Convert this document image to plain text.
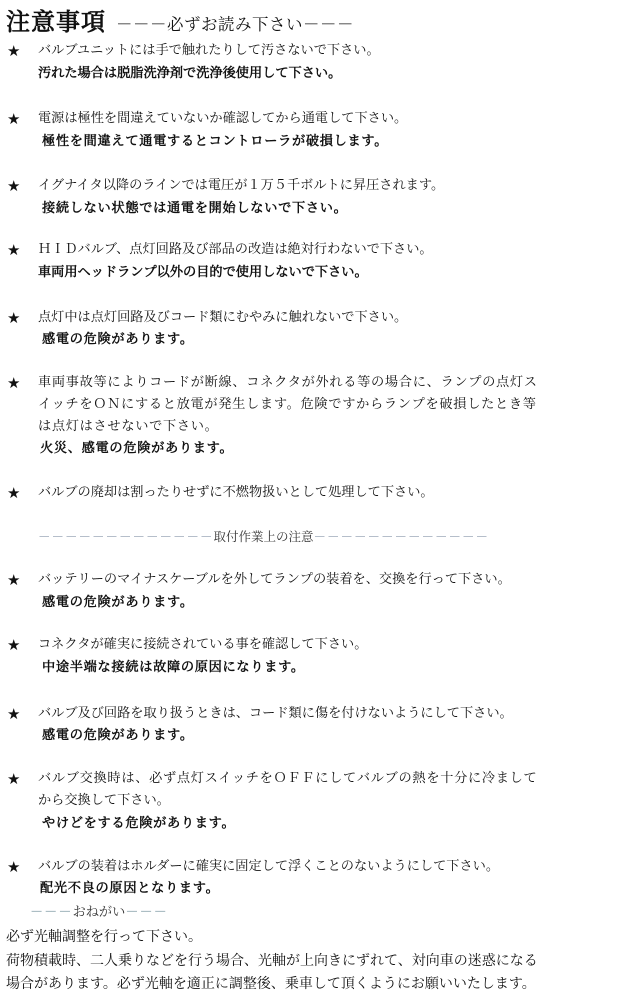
注意事項 －－－必ずお読み下さい－－－
★ バルブユニットには手で触れたりして汚さないで下さい。
汚れた場合は脱脂洗浄剤で洗浄後使用して下さい。
★ 電源は極性を間違えていないか確認してから通電して下さい。
極性を間違えて通電するとコントローラが破損します。
★ イグナイタ以降のラインでは電圧が１万５千ボルトに昇圧されます。
接続しない状態では通電を開始しないで下さい。
★ ＨＩＤバルブ、点灯回路及び部品の改造は絶対行わないで下さい。
車両用ヘッドランプ以外の目的で使用しないで下さい。
★ 点灯中は点灯回路及びコード類にむやみに触れないで下さい。
感電の危険があります。
★ 車両事故等によりコードが断線、コネクタが外れる等の場合に、ランプの点灯ス
イッチをＯＮにすると放電が発生します。危険ですからランプを破損したとき等
は点灯はさせないで下さい。
火災、感電の危険があります。
★ バルブの廃却は割ったりせずに不燃物扱いとして処理して下さい。
－－－－－－－－－－－－－取付作業上の注意－－－－－－－－－－－－－
★ バッテリーのマイナスケーブルを外してランプの装着を、交換を行って下さい。
感電の危険があります。
★ コネクタが確実に接続されている事を確認して下さい。
中途半端な接続は故障の原因になります。
★ バルブ及び回路を取り扱うときは、コード類に傷を付けないようにして下さい。
感電の危険があります。
★ バルブ交換時は、必ず点灯スイッチをＯＦＦにしてバルブの熱を十分に冷まして
から交換して下さい。
やけどをする危険があります。
★ バルブの装着はホルダーに確実に固定して浮くことのないようにして下さい。
配光不良の原因となります。
－－－おねがい－－－
必ず光軸調整を行って下さい。
荷物積載時、二人乗りなどを行う場合、光軸が上向きにずれて、対向車の迷惑になる
場合があります。必ず光軸を適正に調整後、乗車して頂くようにお願いいたします。
